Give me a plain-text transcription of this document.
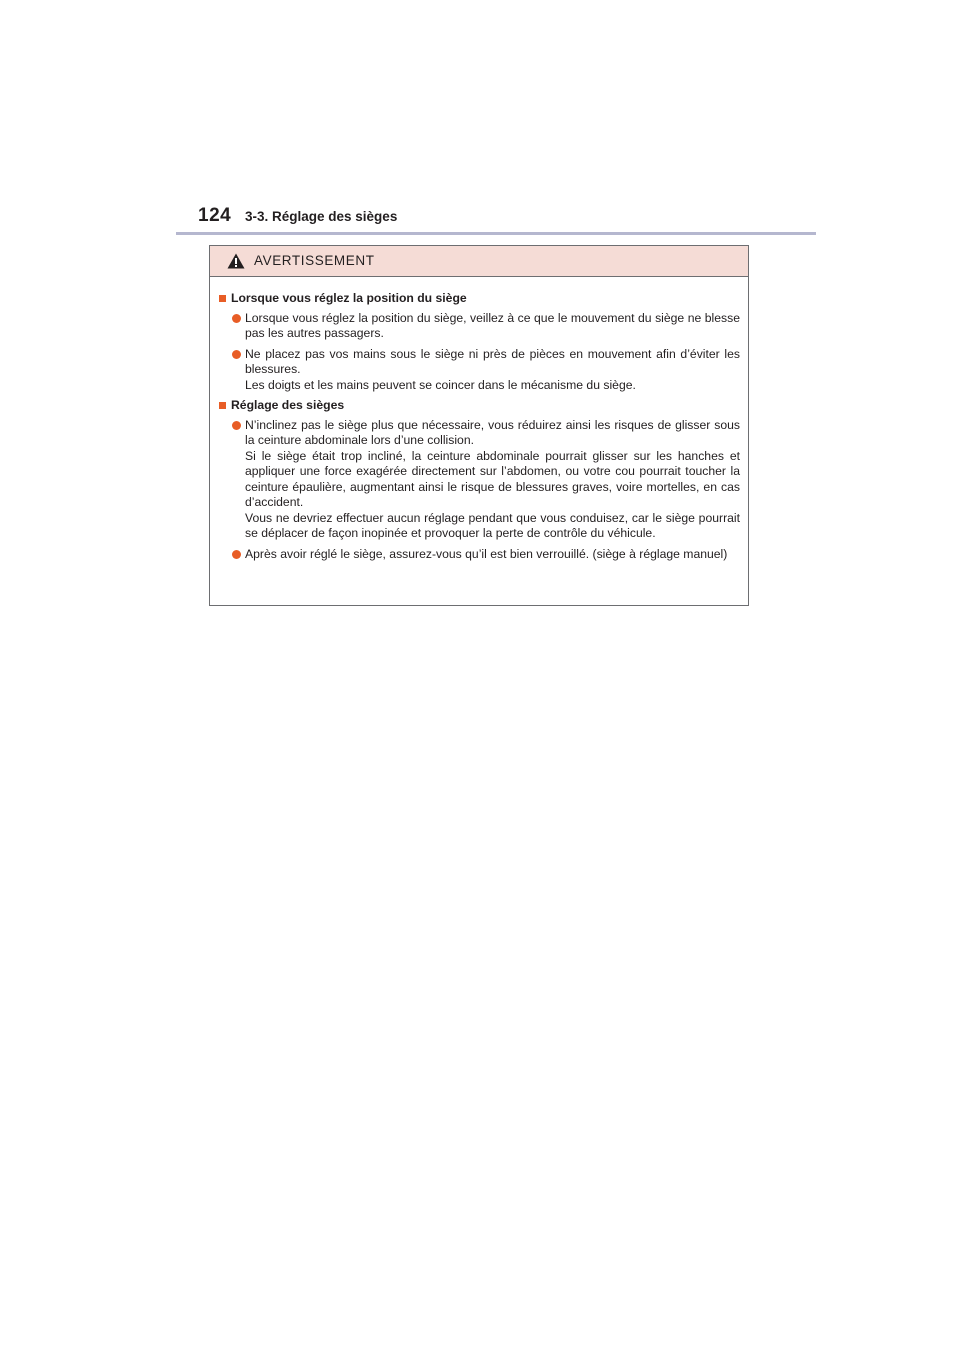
124 3-3. Réglage des sièges
AVERTISSEMENT
Lorsque vous réglez la position du siège
Lorsque vous réglez la position du siège, veillez à ce que le mouvement du siège ne blesse pas les autres passagers.
Ne placez pas vos mains sous le siège ni près de pièces en mouvement afin d’éviter les blessures.
Les doigts et les mains peuvent se coincer dans le mécanisme du siège.
Réglage des sièges
N’inclinez pas le siège plus que nécessaire, vous réduirez ainsi les risques de glisser sous la ceinture abdominale lors d’une collision.
Si le siège était trop incliné, la ceinture abdominale pourrait glisser sur les hanches et appliquer une force exagérée directement sur l’abdomen, ou votre cou pourrait toucher la ceinture épaulière, augmentant ainsi le risque de blessures graves, voire mortelles, en cas d’accident.
Vous ne devriez effectuer aucun réglage pendant que vous conduisez, car le siège pourrait se déplacer de façon inopinée et provoquer la perte de contrôle du véhicule.
Après avoir réglé le siège, assurez-vous qu’il est bien verrouillé. (siège à réglage manuel)
